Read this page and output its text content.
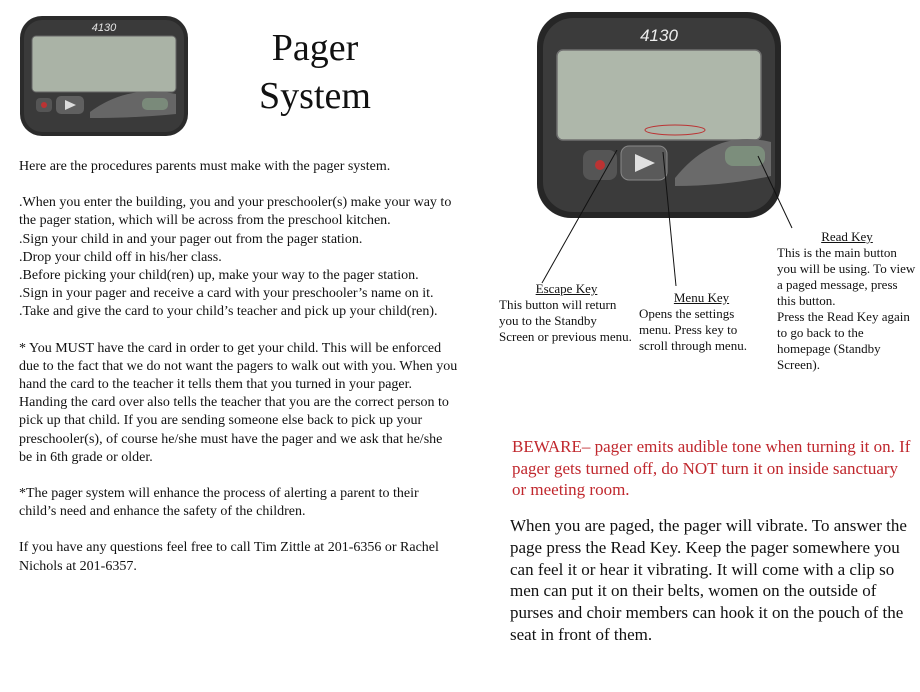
4130	Pager
System

Here are the procedures parents must make with the pager system.

.When you enter the building, you and your preschooler(s) make your way to the pager station, which will be across from the preschool kitchen.

.Sign your child in and your pager out from the pager station.

.Drop your child off in his/her class.

.Before picking your child(ren) up, make your way to the pager station.

.Sign in your pager and receive a card with your preschooler’s name on it.

.Take and give the card to your child’s teacher and pick up your child(ren).

* You MUST have the card in order to get your child. This will be enforced due to the fact that we do not want the pagers to walk out with you. When you hand the card to the teacher it tells them that you turned in your pager. Handing the card over also tells the teacher that you are the correct person to pick up that child. If you are sending someone else back to pick up your preschooler(s), of course he/she must have the pager and we ask that he/she be in 6th grade or older.

*The pager system will enhance the process of alerting a parent to their child’s need and enhance the safety of the children.

If you have any questions feel free to call Tim Zittle at 201-6356 or Rachel Nichols at 201-6357.

4130
Escape Key
This button will return you to the Standby Screen or previous menu.
Menu Key
Opens the settings menu. Press key to scroll through menu.
Read Key
This is the main button you will be using. To view a paged message, press this button.
Press the Read Key again to go back to the homepage (Standby Screen).
BEWARE– pager emits audible tone when turning it on. If pager gets turned off, do NOT turn it on inside sanctuary or meeting room.
When you are paged, the pager will vibrate. To answer the page press the Read Key. Keep the pager somewhere you can feel it or hear it vibrating. It will come with a clip so men can put it on their belts, women on the outside of purses and choir members can hook it on the pouch of the seat in front of them.
